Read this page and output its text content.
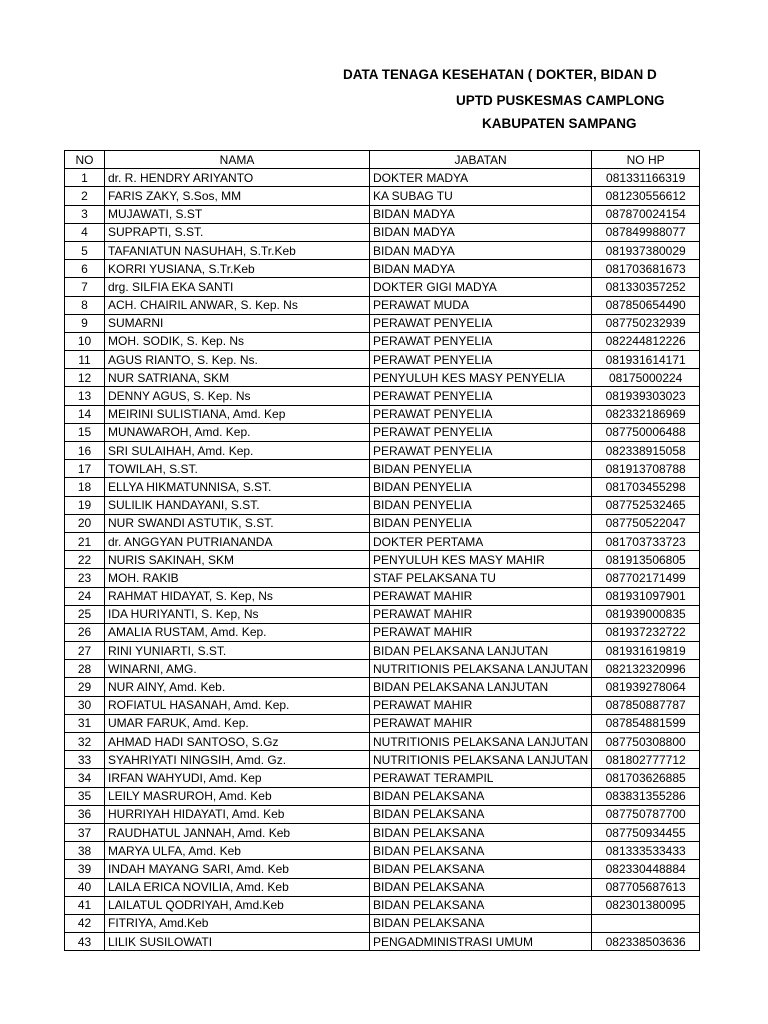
DATA TENAGA KESEHATAN ( DOKTER, BIDAN D
UPTD PUSKESMAS CAMPLONG
KABUPATEN SAMPANG
NO	NAMA	JABATAN	NO HP
1	dr. R. HENDRY ARIYANTO	DOKTER MADYA	081331166319
2	FARIS ZAKY, S.Sos, MM	KA SUBAG TU	081230556612
3	MUJAWATI, S.ST	BIDAN MADYA	087870024154
4	SUPRAPTI, S.ST.	BIDAN MADYA	087849988077
5	TAFANIATUN NASUHAH, S.Tr.Keb	BIDAN MADYA	081937380029
6	KORRI YUSIANA, S.Tr.Keb	BIDAN MADYA	081703681673
7	drg. SILFIA EKA SANTI	DOKTER GIGI MADYA	081330357252
8	ACH. CHAIRIL ANWAR, S. Kep. Ns	PERAWAT MUDA	087850654490
9	SUMARNI	PERAWAT PENYELIA	087750232939
10	MOH. SODIK, S. Kep. Ns	PERAWAT PENYELIA	082244812226
11	AGUS RIANTO, S. Kep. Ns.	PERAWAT PENYELIA	081931614171
12	NUR SATRIANA, SKM	PENYULUH KES MASY PENYELIA	08175000224
13	DENNY AGUS, S. Kep. Ns	PERAWAT PENYELIA	081939303023
14	MEIRINI SULISTIANA, Amd. Kep	PERAWAT PENYELIA	082332186969
15	MUNAWAROH, Amd. Kep.	PERAWAT PENYELIA	087750006488
16	SRI SULAIHAH, Amd. Kep.	PERAWAT PENYELIA	082338915058
17	TOWILAH, S.ST.	BIDAN PENYELIA	081913708788
18	ELLYA HIKMATUNNISA, S.ST.	BIDAN PENYELIA	081703455298
19	SULILIK HANDAYANI, S.ST.	BIDAN PENYELIA	087752532465
20	NUR SWANDI ASTUTIK, S.ST.	BIDAN PENYELIA	087750522047
21	dr. ANGGYAN PUTRIANANDA	DOKTER PERTAMA	081703733723
22	NURIS SAKINAH, SKM	PENYULUH KES MASY MAHIR	081913506805
23	MOH. RAKIB	STAF PELAKSANA TU	087702171499
24	RAHMAT HIDAYAT, S. Kep, Ns	PERAWAT MAHIR	081931097901
25	IDA HURIYANTI, S. Kep, Ns	PERAWAT MAHIR	081939000835
26	AMALIA RUSTAM, Amd. Kep.	PERAWAT MAHIR	081937232722
27	RINI YUNIARTI, S.ST.	BIDAN PELAKSANA LANJUTAN	081931619819
28	WINARNI, AMG.	NUTRITIONIS PELAKSANA LANJUTAN	082132320996
29	NUR AINY, Amd. Keb.	BIDAN PELAKSANA LANJUTAN	081939278064
30	ROFIATUL HASANAH, Amd. Kep.	PERAWAT MAHIR	087850887787
31	UMAR FARUK, Amd. Kep.	PERAWAT MAHIR	087854881599
32	AHMAD HADI SANTOSO, S.Gz	NUTRITIONIS PELAKSANA LANJUTAN	087750308800
33	SYAHRIYATI NINGSIH, Amd. Gz.	NUTRITIONIS PELAKSANA LANJUTAN	081802777712
34	IRFAN WAHYUDI, Amd. Kep	PERAWAT TERAMPIL	081703626885
35	LEILY MASRUROH, Amd. Keb	BIDAN PELAKSANA	083831355286
36	HURRIYAH HIDAYATI, Amd. Keb	BIDAN PELAKSANA	087750787700
37	RAUDHATUL JANNAH, Amd. Keb	BIDAN PELAKSANA	087750934455
38	MARYA ULFA, Amd. Keb	BIDAN PELAKSANA	081333533433
39	INDAH MAYANG SARI, Amd. Keb	BIDAN PELAKSANA	082330448884
40	LAILA ERICA NOVILIA, Amd. Keb	BIDAN PELAKSANA	087705687613
41	LAILATUL QODRIYAH, Amd.Keb	BIDAN PELAKSANA	082301380095
42	FITRIYA, Amd.Keb	BIDAN PELAKSANA	
43	LILIK SUSILOWATI	PENGADMINISTRASI UMUM	082338503636
